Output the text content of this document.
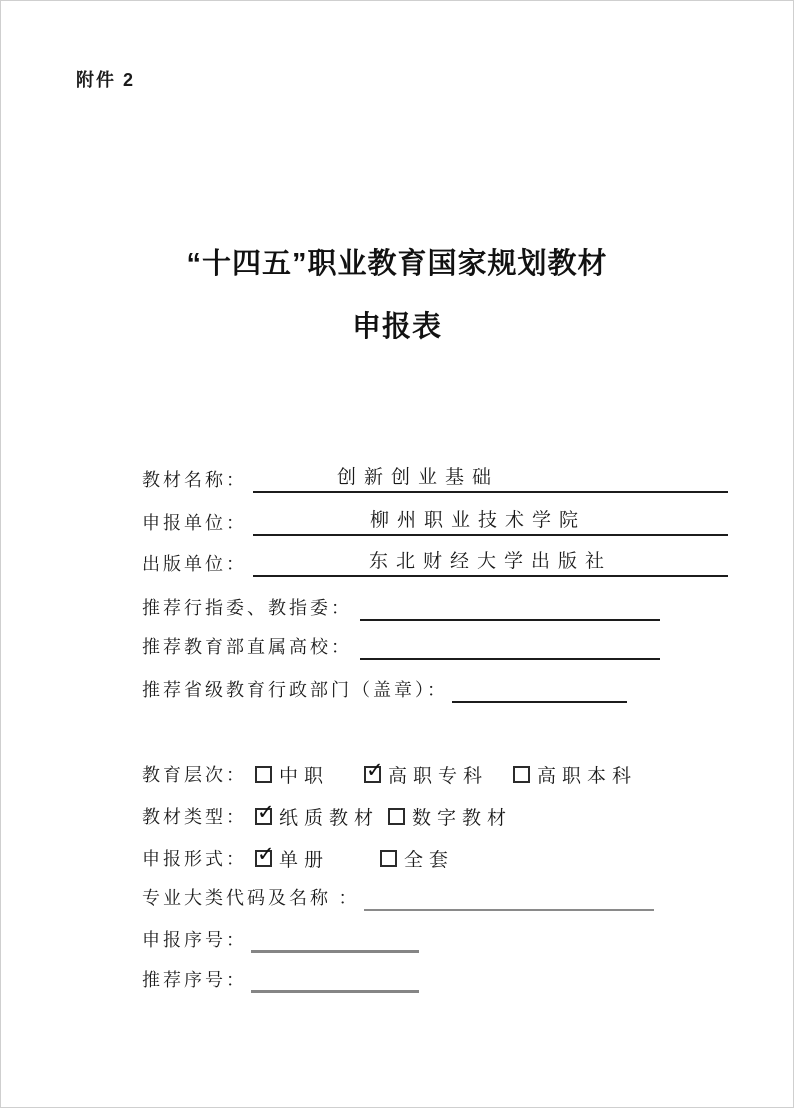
附件 2
“十四五”职业教育国家规划教材
申报表
教材名称：	创新创业基础
申报单位：	柳州职业技术学院
出版单位：	东北财经大学出版社
推荐行指委、教指委：
推荐教育部直属高校：
推荐省级教育行政部门（盖章）：
教育层次： 中职 ✓ 高职专科	高职本科
教材类型： ✓ 纸质教材 数字教材
申报形式： ✓ 单册	全套
专业大类代码及名称 ：
申报序号：
推荐序号：
